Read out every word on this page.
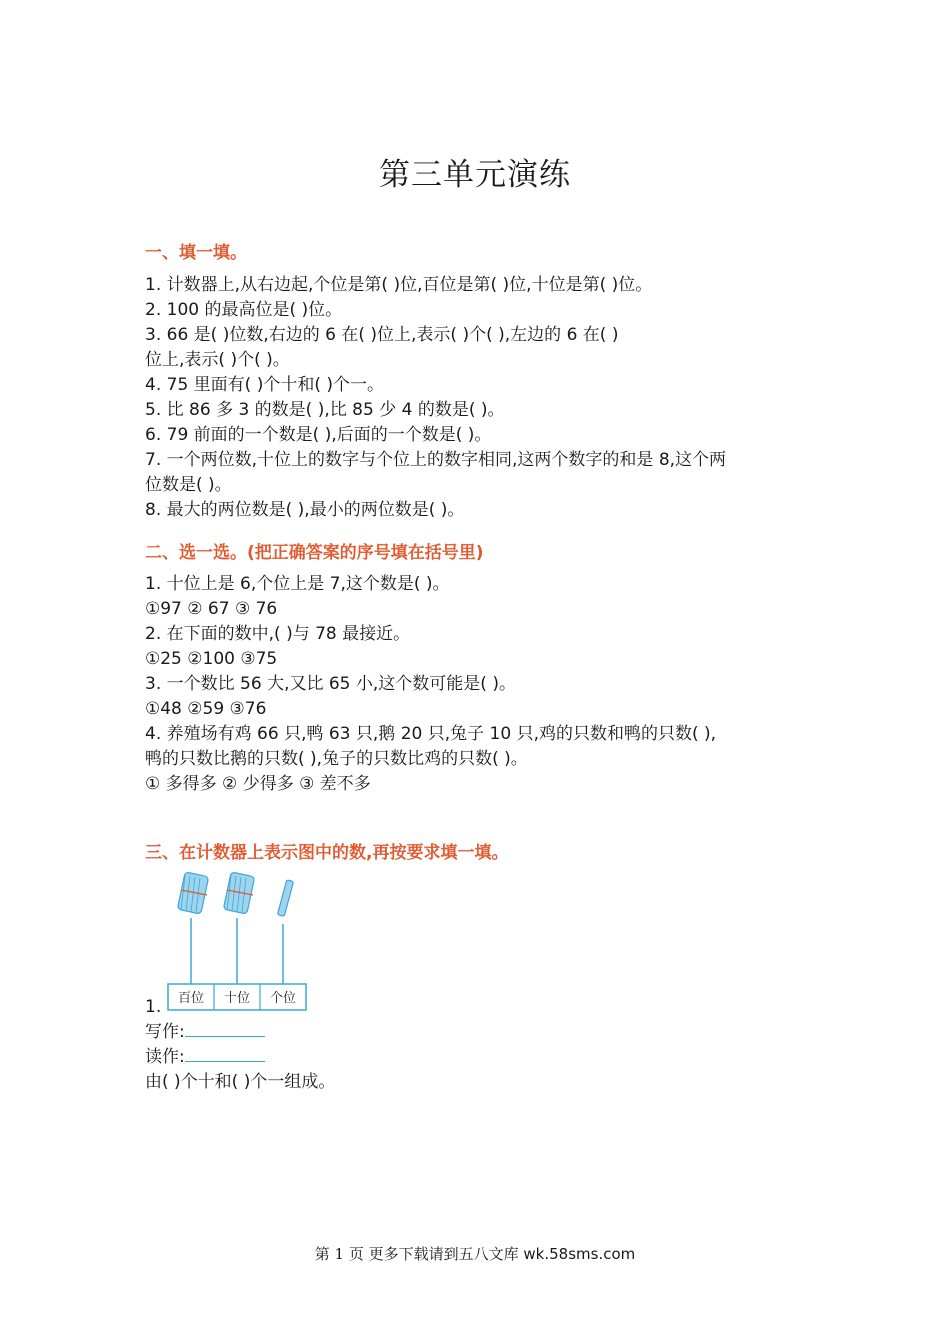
第三单元演练
一、填一填。
1. 计数器上,从右边起,个位是第( )位,百位是第( )位,十位是第( )位。
2. 100 的最高位是( )位。
3. 66 是( )位数,右边的 6 在( )位上,表示( )个( ),左边的 6 在( )
位上,表示( )个( )。
4. 75 里面有( )个十和( )个一。
5. 比 86 多 3 的数是( ),比 85 少 4 的数是( )。
6. 79 前面的一个数是( ),后面的一个数是( )。
7. 一个两位数,十位上的数字与个位上的数字相同,这两个数字的和是 8,这个两
位数是( )。
8. 最大的两位数是( ),最小的两位数是( )。
二、选一选。(把正确答案的序号填在括号里)
1. 十位上是 6,个位上是 7,这个数是( )。
①97 ② 67 ③ 76
2. 在下面的数中,( )与 78 最接近。
①25 ②100 ③75
3. 一个数比 56 大,又比 65 小,这个数可能是( )。
①48 ②59 ③76
4. 养殖场有鸡 66 只,鸭 63 只,鹅 20 只,兔子 10 只,鸡的只数和鸭的只数( ),
鸭的只数比鹅的只数( ),兔子的只数比鸡的只数( )。
① 多得多 ② 少得多 ③ 差不多
三、在计数器上表示图中的数,再按要求填一填。
百位 十位 个位
1.
写作:
读作:
由( )个十和( )个一组成。
第 1 页 更多下载请到五八文库 wk.58sms.com
